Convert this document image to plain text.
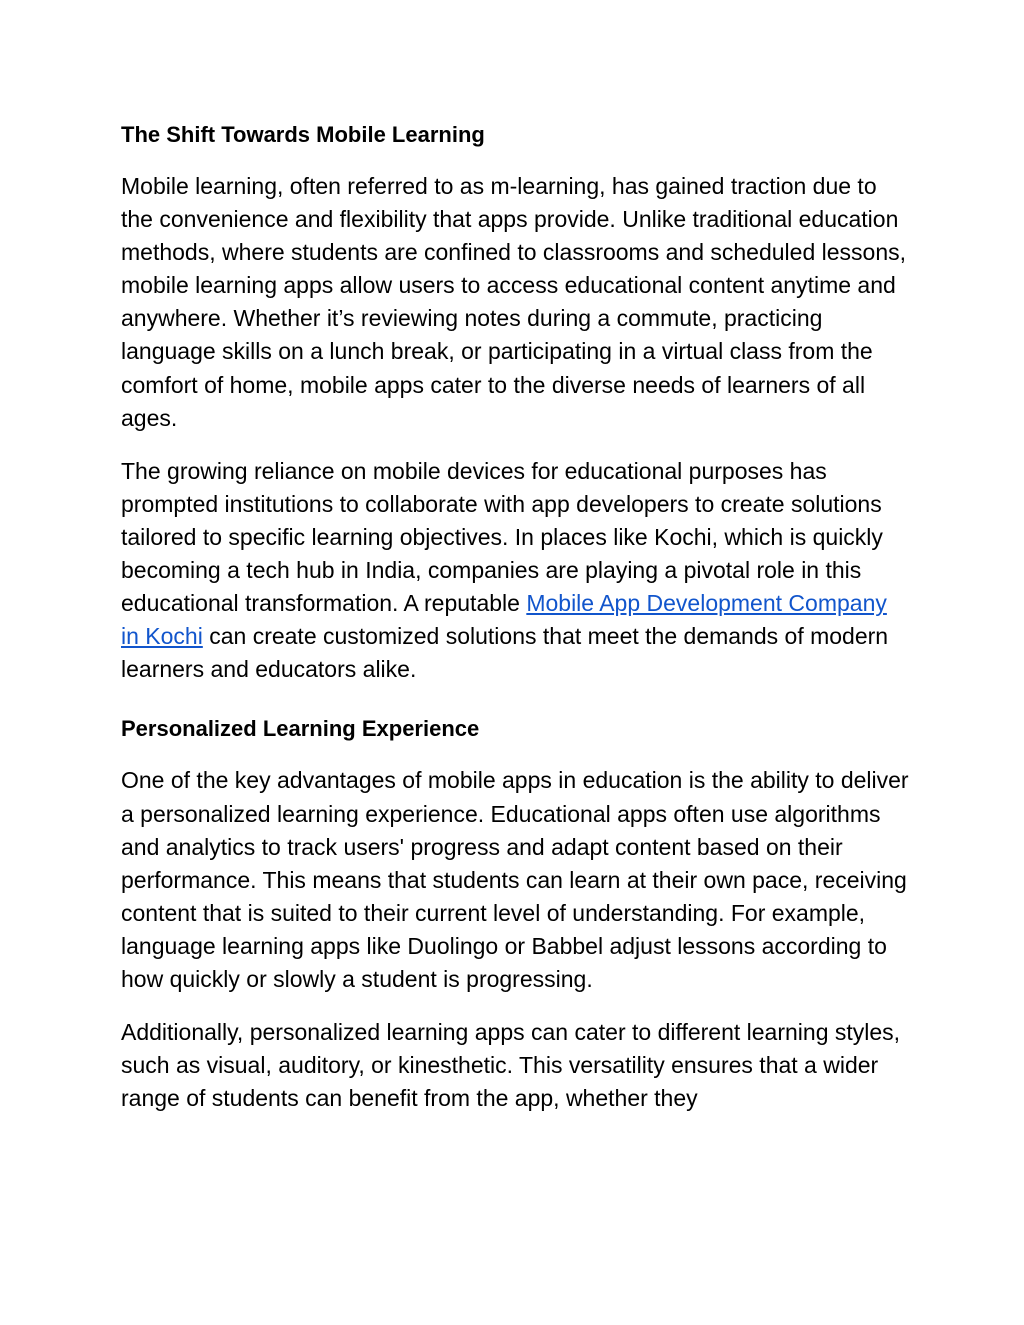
The Shift Towards Mobile Learning

Mobile learning, often referred to as m-learning, has gained traction due to the convenience and flexibility that apps provide. Unlike traditional education methods, where students are confined to classrooms and scheduled lessons, mobile learning apps allow users to access educational content anytime and anywhere. Whether it’s reviewing notes during a commute, practicing language skills on a lunch break, or participating in a virtual class from the comfort of home, mobile apps cater to the diverse needs of learners of all ages.

The growing reliance on mobile devices for educational purposes has prompted institutions to collaborate with app developers to create solutions tailored to specific learning objectives. In places like Kochi, which is quickly becoming a tech hub in India, companies are playing a pivotal role in this educational transformation. A reputable Mobile App Development Company in Kochi can create customized solutions that meet the demands of modern learners and educators alike.

Personalized Learning Experience

One of the key advantages of mobile apps in education is the ability to deliver a personalized learning experience. Educational apps often use algorithms and analytics to track users' progress and adapt content based on their performance. This means that students can learn at their own pace, receiving content that is suited to their current level of understanding. For example, language learning apps like Duolingo or Babbel adjust lessons according to how quickly or slowly a student is progressing.

Additionally, personalized learning apps can cater to different learning styles, such as visual, auditory, or kinesthetic. This versatility ensures that a wider range of students can benefit from the app, whether they
